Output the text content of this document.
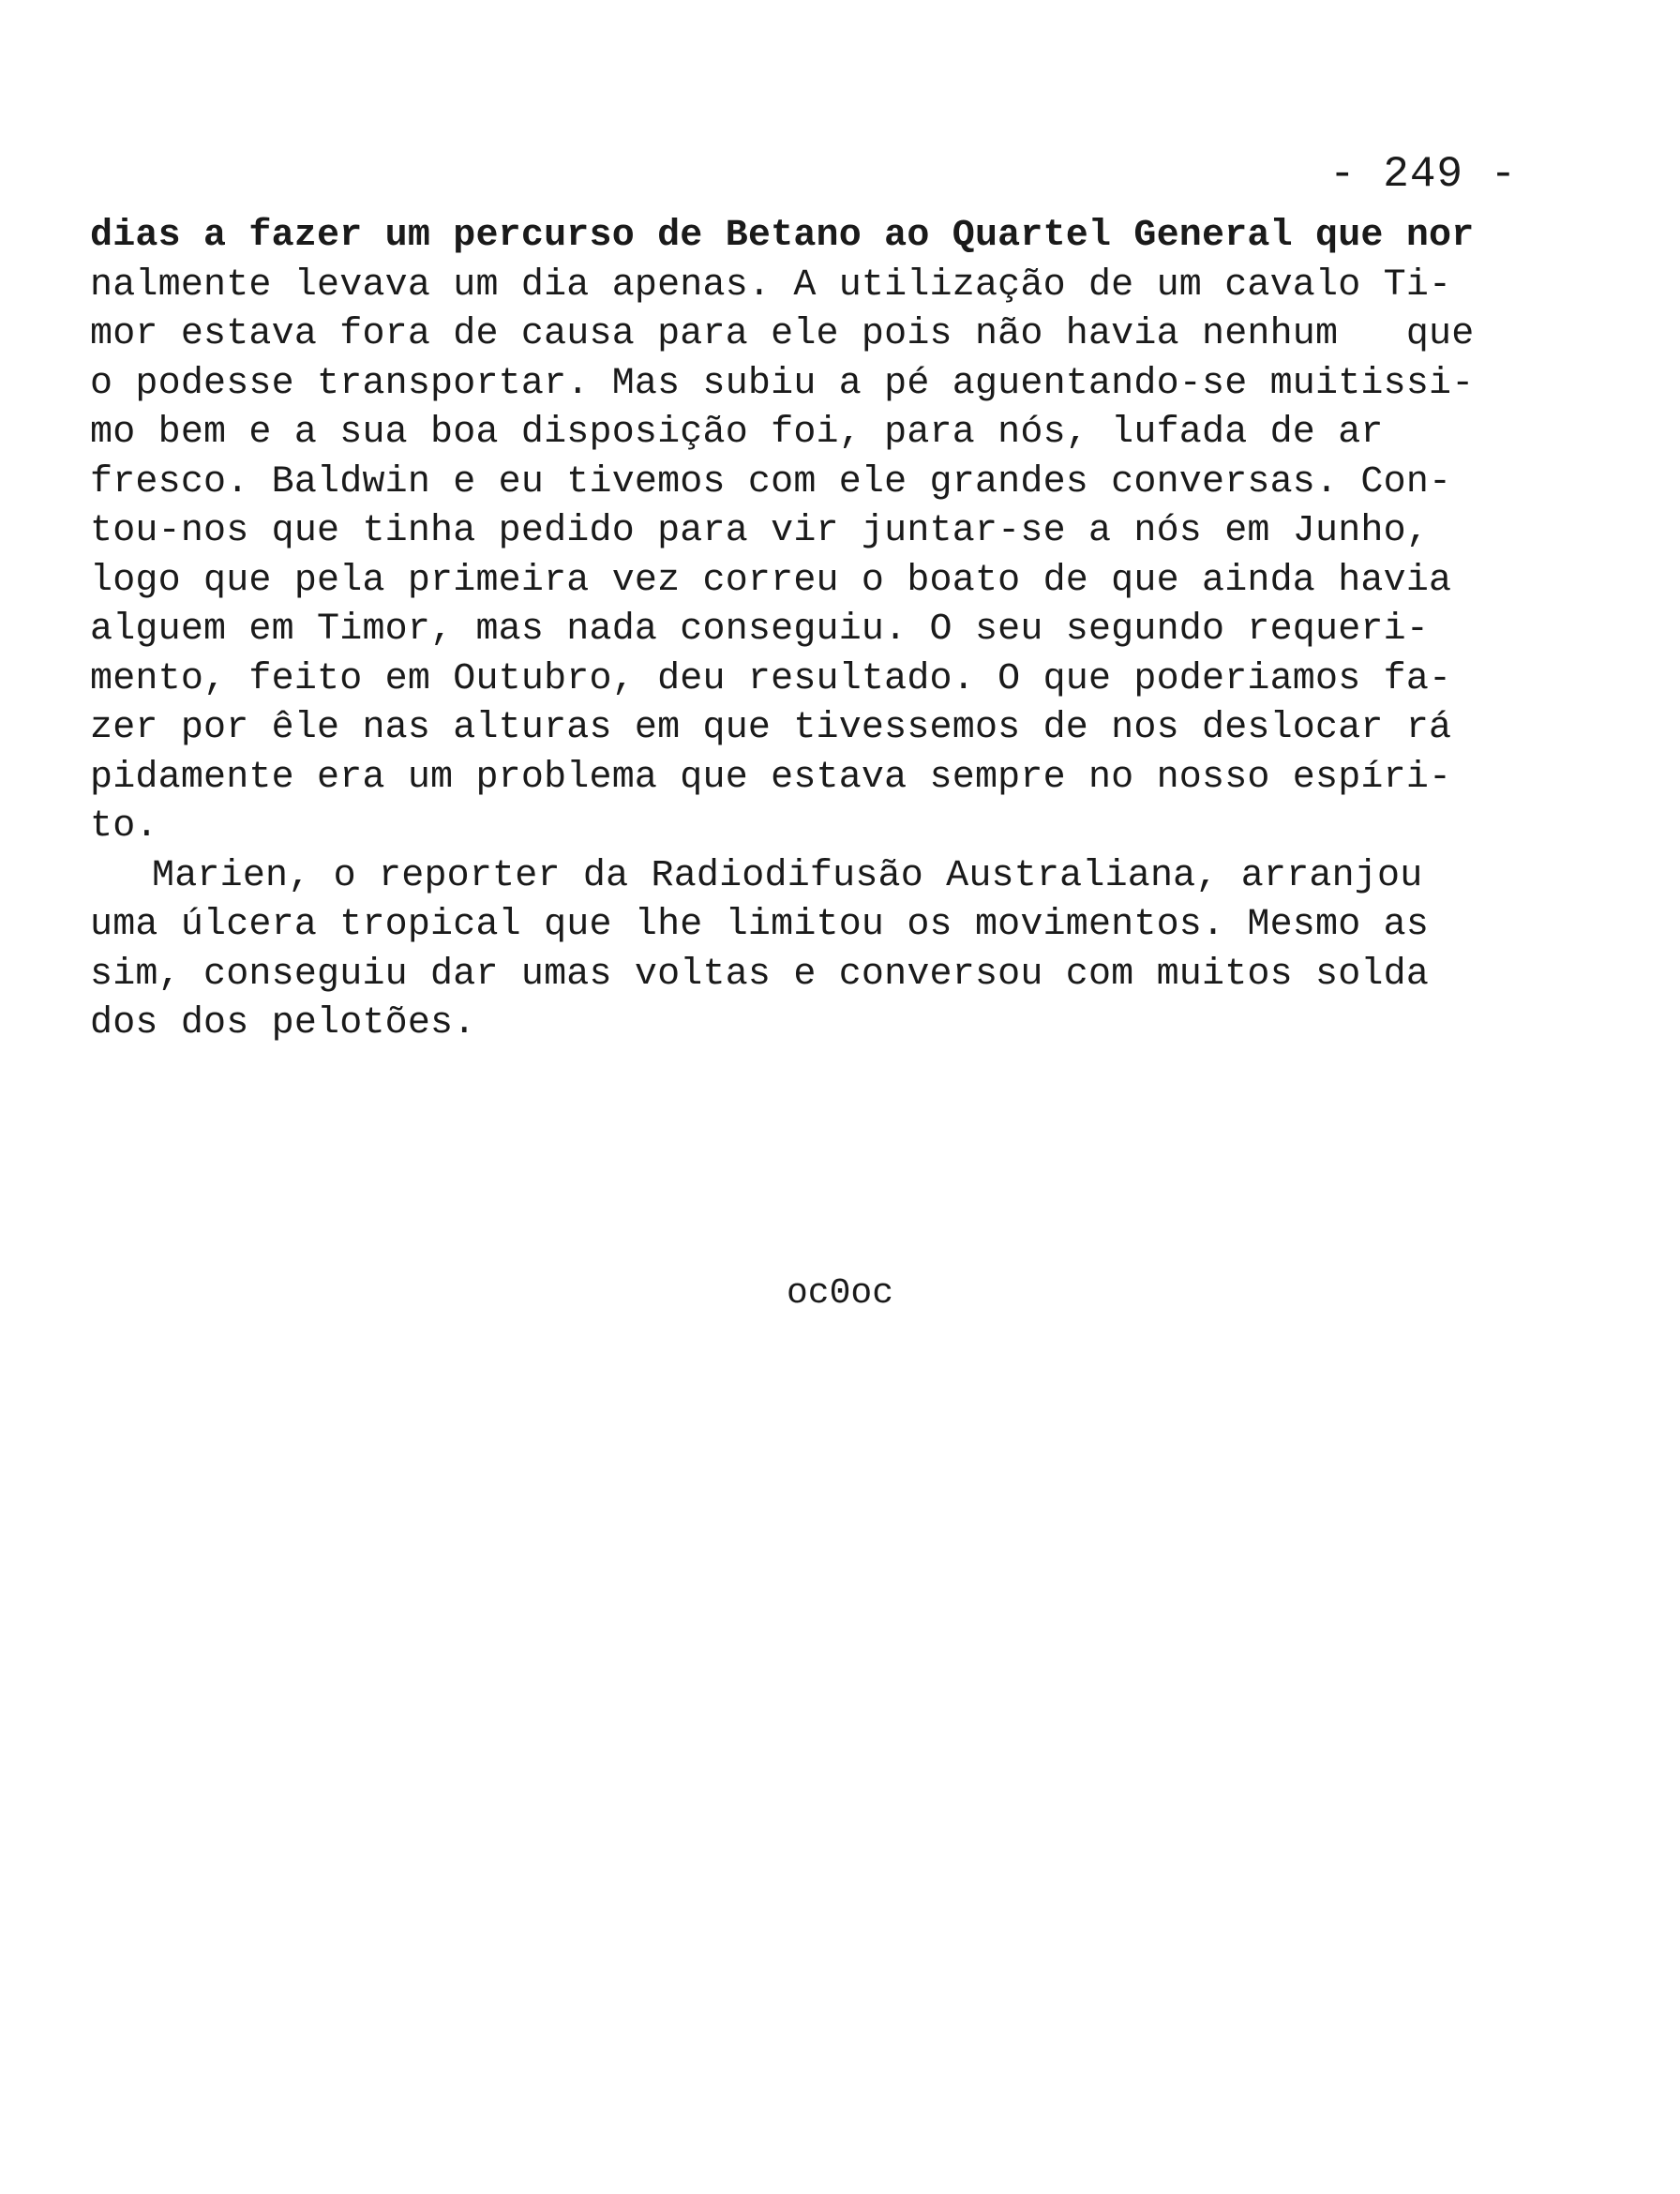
- 249 -
dias a fazer um percurso de Betano ao Quartel General que nor
nalmente levava um dia apenas. A utilização de um cavalo Ti-
mor estava fora de causa para ele pois não havia nenhum   que
o podesse transportar. Mas subiu a pé aguentando-se muitissi-
mo bem e a sua boa disposição foi, para nós, lufada de ar
fresco. Baldwin e eu tivemos com ele grandes conversas. Con-
tou-nos que tinha pedido para vir juntar-se a nós em Junho,
logo que pela primeira vez correu o boato de que ainda havia
alguem em Timor, mas nada conseguiu. O seu segundo requeri-
mento, feito em Outubro, deu resultado. O que poderiamos fa-
zer por êle nas alturas em que tivessemos de nos deslocar rá
pidamente era um problema que estava sempre no nosso espíri-
to.
Marien, o reporter da Radiodifusão Australiana, arranjou
uma úlcera tropical que lhe limitou os movimentos. Mesmo as
sim, conseguiu dar umas voltas e conversou com muitos solda
dos dos pelotões.
oc0oc
